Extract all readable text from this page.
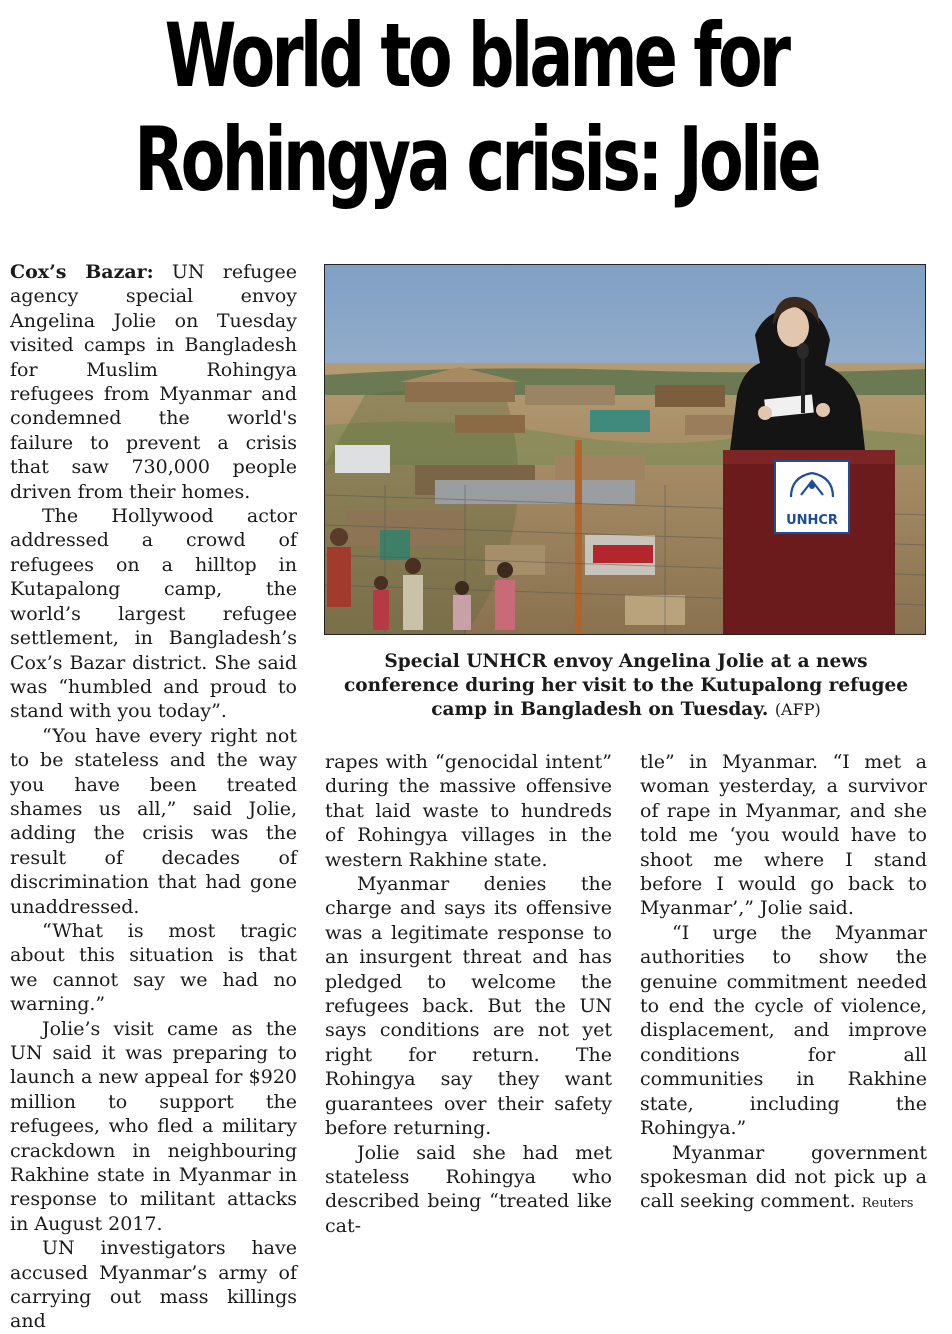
World to blame for
Rohingya crisis: Jolie

Cox’s Bazar: UN refugee agency special envoy Angelina Jolie on Tuesday visited camps in Bangladesh for Muslim Rohingya refugees from Myanmar and condemned the world's failure to prevent a crisis that saw 730,000 people driven from their homes.

The Hollywood actor addressed a crowd of refugees on a hilltop in Kutapalong camp, the world’s largest refugee settlement, in Bangladesh’s Cox’s Bazar district. She said was “humbled and proud to stand with you today”.

“You have every right not to be stateless and the way you have been treated shames us all,” said Jolie, adding the crisis was the result of decades of discrimination that had gone unaddressed.

“What is most tragic about this situation is that we cannot say we had no warning.”

Jolie’s visit came as the UN said it was preparing to launch a new appeal for $920 million to support the refugees, who fled a military crackdown in neighbouring Rakhine state in Myanmar in response to militant attacks in August 2017.

UN investigators have accused Myanmar’s army of carrying out mass killings and

UNHCR
Special UNHCR envoy Angelina Jolie at a news conference during her visit to the Kutupalong refugee camp in Bangladesh on Tuesday. (AFP)

rapes with “genocidal intent” during the massive offensive that laid waste to hundreds of Rohingya villages in the western Rakhine state.

Myanmar denies the charge and says its offensive was a legitimate response to an insurgent threat and has pledged to welcome the refugees back. But the UN says conditions are not yet right for return. The Rohingya say they want guarantees over their safety before returning.

Jolie said she had met stateless Rohingya who described being “treated like cat-

tle” in Myanmar. “I met a woman yesterday, a survivor of rape in Myanmar, and she told me ‘you would have to shoot me where I stand before I would go back to Myanmar’,” Jolie said.

“I urge the Myanmar authorities to show the genuine commitment needed to end the cycle of violence, displacement, and improve conditions for all communities in Rakhine state, including the Rohingya.”

Myanmar government spokesman did not pick up a call seeking comment. Reuters
